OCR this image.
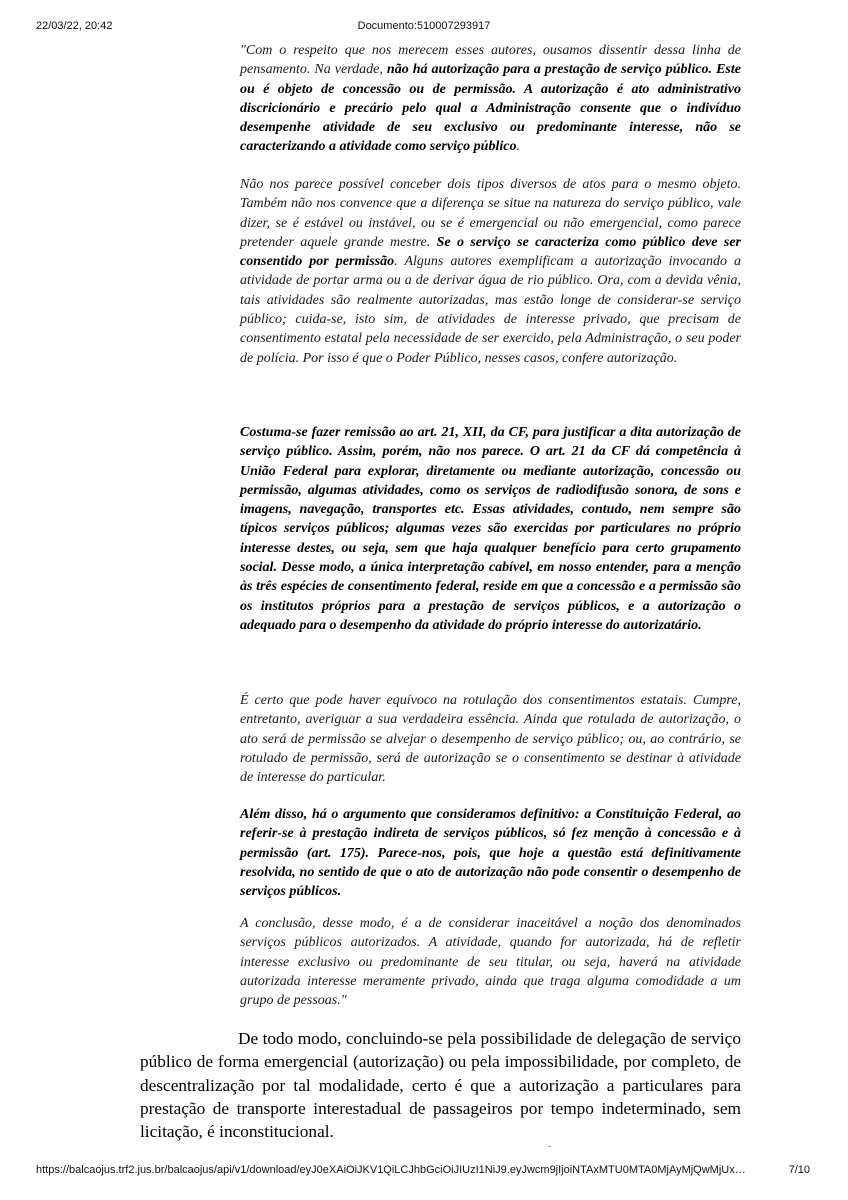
22/03/22, 20:42	Documento:510007293917

"Com o respeito que nos merecem esses autores, ousamos dissentir dessa linha de pensamento. Na verdade, não há autorização para a prestação de serviço público. Este ou é objeto de concessão ou de permissão. A autorização é ato administrativo discricionário e precário pelo qual a Administração consente que o indivíduo desempenhe atividade de seu exclusivo ou predominante interesse, não se caracterizando a atividade como serviço público.

Não nos parece possível conceber dois tipos diversos de atos para o mesmo objeto. Também não nos convence que a diferença se situe na natureza do serviço público, vale dizer, se é estável ou instável, ou se é emergencial ou não emergencial, como parece pretender aquele grande mestre. Se o serviço se caracteriza como público deve ser consentido por permissão. Alguns autores exemplificam a autorização invocando a atividade de portar arma ou a de derivar água de rio público. Ora, com a devida vênia, tais atividades são realmente autorizadas, mas estão longe de considerar-se serviço público; cuida-se, isto sim, de atividades de interesse privado, que precisam de consentimento estatal pela necessidade de ser exercido, pela Administração, o seu poder de polícia. Por isso é que o Poder Público, nesses casos, confere autorização.

Costuma-se fazer remissão ao art. 21, XII, da CF, para justificar a dita autorização de serviço público. Assim, porém, não nos parece. O art. 21 da CF dá competência à União Federal para explorar, diretamente ou mediante autorização, concessão ou permissão, algumas atividades, como os serviços de radiodifusão sonora, de sons e imagens, navegação, transportes etc. Essas atividades, contudo, nem sempre são típicos serviços públicos; algumas vezes são exercidas por particulares no próprio interesse destes, ou seja, sem que haja qualquer benefício para certo grupamento social. Desse modo, a única interpretação cabível, em nosso entender, para a menção às três espécies de consentimento federal, reside em que a concessão e a permissão são os institutos próprios para a prestação de serviços públicos, e a autorização o adequado para o desempenho da atividade do próprio interesse do autorizatário.

É certo que pode haver equívoco na rotulação dos consentimentos estatais. Cumpre, entretanto, averiguar a sua verdadeira essência. Ainda que rotulada de autorização, o ato será de permissão se alvejar o desempenho de serviço público; ou, ao contrário, se rotulado de permissão, será de autorização se o consentimento se destinar à atividade de interesse do particular.

Além disso, há o argumento que consideramos definitivo: a Constituição Federal, ao referir-se à prestação indireta de serviços públicos, só fez menção à concessão e à permissão (art. 175). Parece-nos, pois, que hoje a questão está definitivamente resolvida, no sentido de que o ato de autorização não pode consentir o desempenho de serviços públicos.

A conclusão, desse modo, é a de considerar inaceitável a noção dos denominados serviços públicos autorizados. A atividade, quando for autorizada, há de refletir interesse exclusivo ou predominante de seu titular, ou seja, haverá na atividade autorizada interesse meramente privado, ainda que traga alguma comodidade a um grupo de pessoas."

De todo modo, concluindo-se pela possibilidade de delegação de serviço público de forma emergencial (autorização) ou pela impossibilidade, por completo, de descentralização por tal modalidade, certo é que a autorização a particulares para prestação de transporte interestadual de passageiros por tempo indeterminado, sem licitação, é inconstitucional.

-
https://balcaojus.trf2.jus.br/balcaojus/api/v1/download/eyJ0eXAiOiJKV1QiLCJhbGciOiJIUzI1NiJ9.eyJwcm9jIjoiNTAxMTU0MTA0MjAyMjQwMjUx…	7/10
